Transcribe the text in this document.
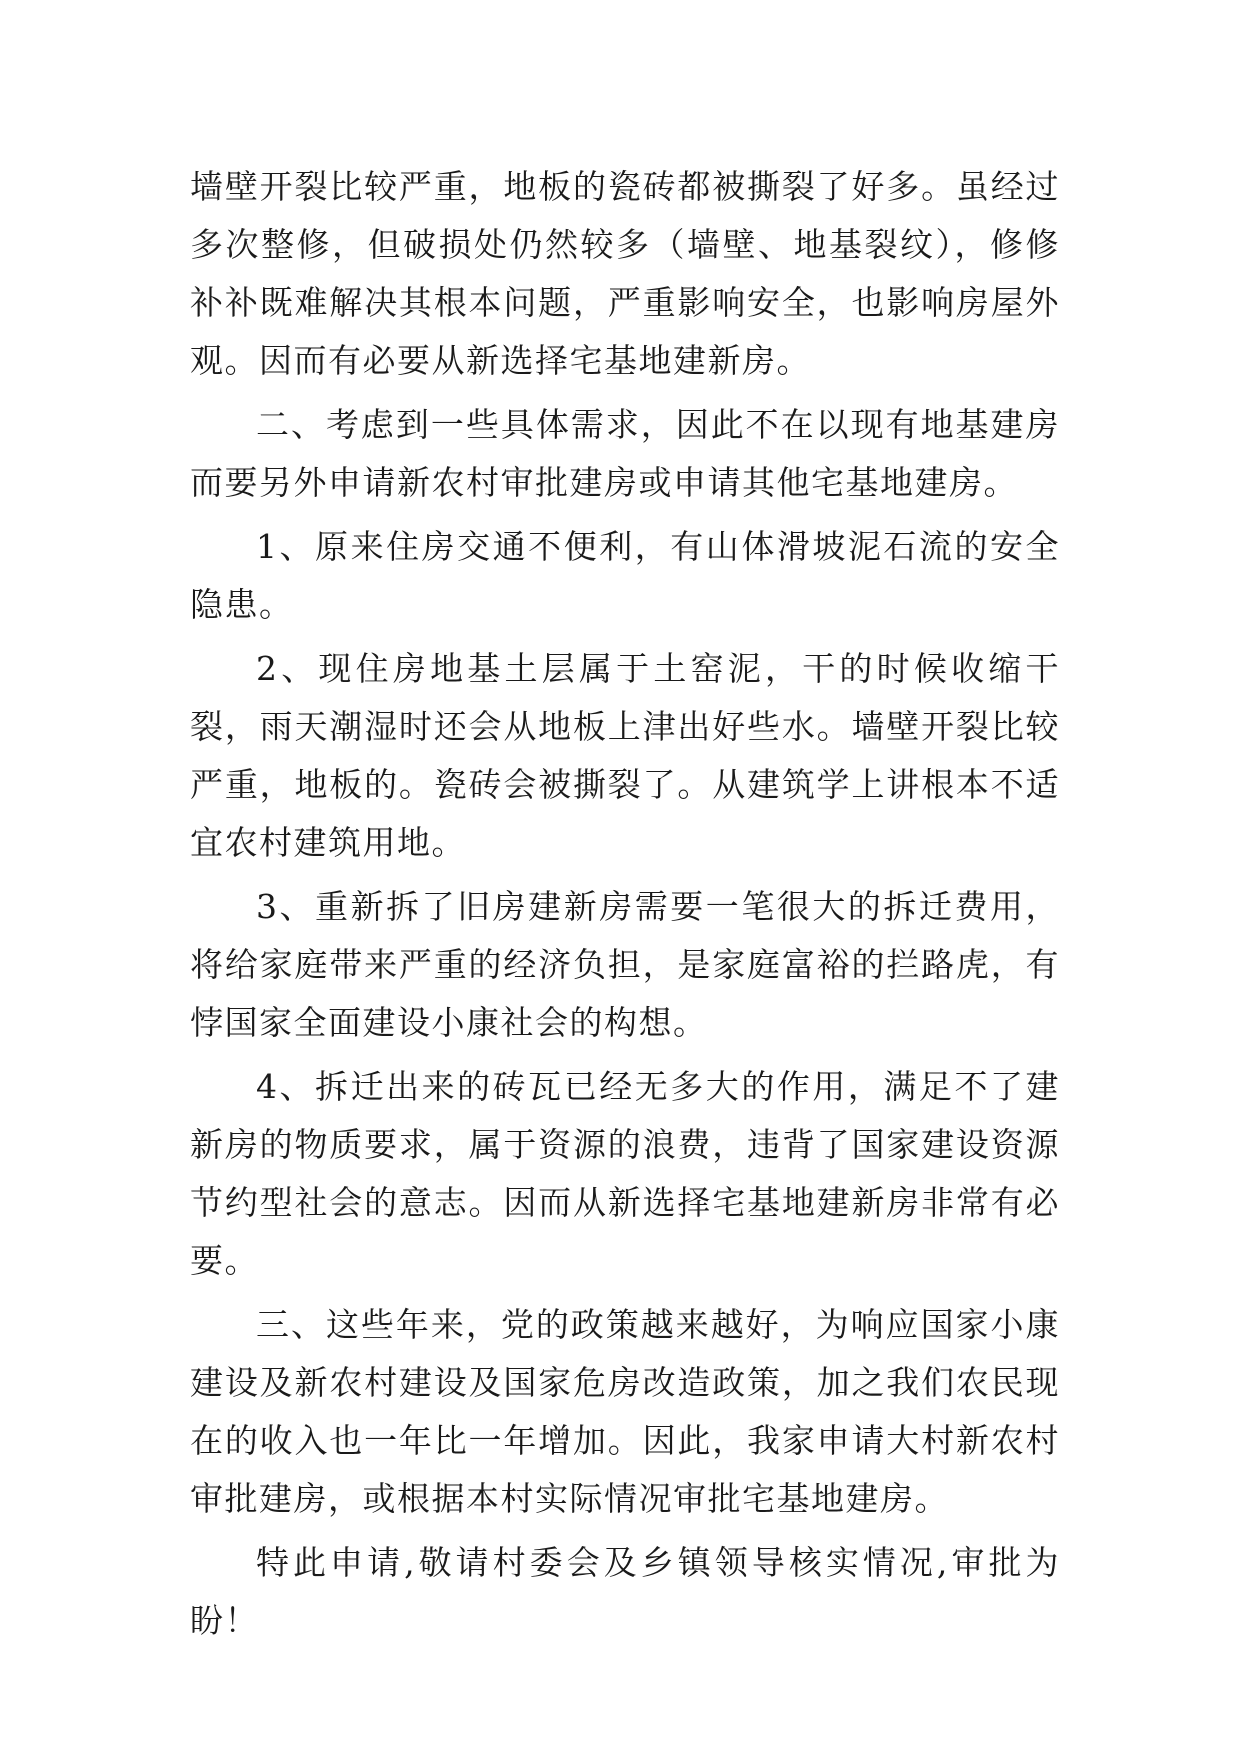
墙壁开裂比较严重，地板的瓷砖都被撕裂了好多。虽经过多次整修，但破损处仍然较多（墙壁、地基裂纹），修修补补既难解决其根本问题，严重影响安全，也影响房屋外观。因而有必要从新选择宅基地建新房。

二、考虑到一些具体需求，因此不在以现有地基建房而要另外申请新农村审批建房或申请其他宅基地建房。

1、原来住房交通不便利，有山体滑坡泥石流的安全隐患。

2、现住房地基土层属于土窑泥，干的时候收缩干裂，雨天潮湿时还会从地板上津出好些水。墙壁开裂比较严重，地板的。瓷砖会被撕裂了。从建筑学上讲根本不适宜农村建筑用地。

3、重新拆了旧房建新房需要一笔很大的拆迁费用，将给家庭带来严重的经济负担，是家庭富裕的拦路虎，有悖国家全面建设小康社会的构想。

4、拆迁出来的砖瓦已经无多大的作用，满足不了建新房的物质要求，属于资源的浪费，违背了国家建设资源节约型社会的意志。因而从新选择宅基地建新房非常有必要。

三、这些年来，党的政策越来越好，为响应国家小康建设及新农村建设及国家危房改造政策，加之我们农民现在的收入也一年比一年增加。因此，我家申请大村新农村审批建房，或根据本村实际情况审批宅基地建房。

特此申请,敬请村委会及乡镇领导核实情况,审批为盼！
